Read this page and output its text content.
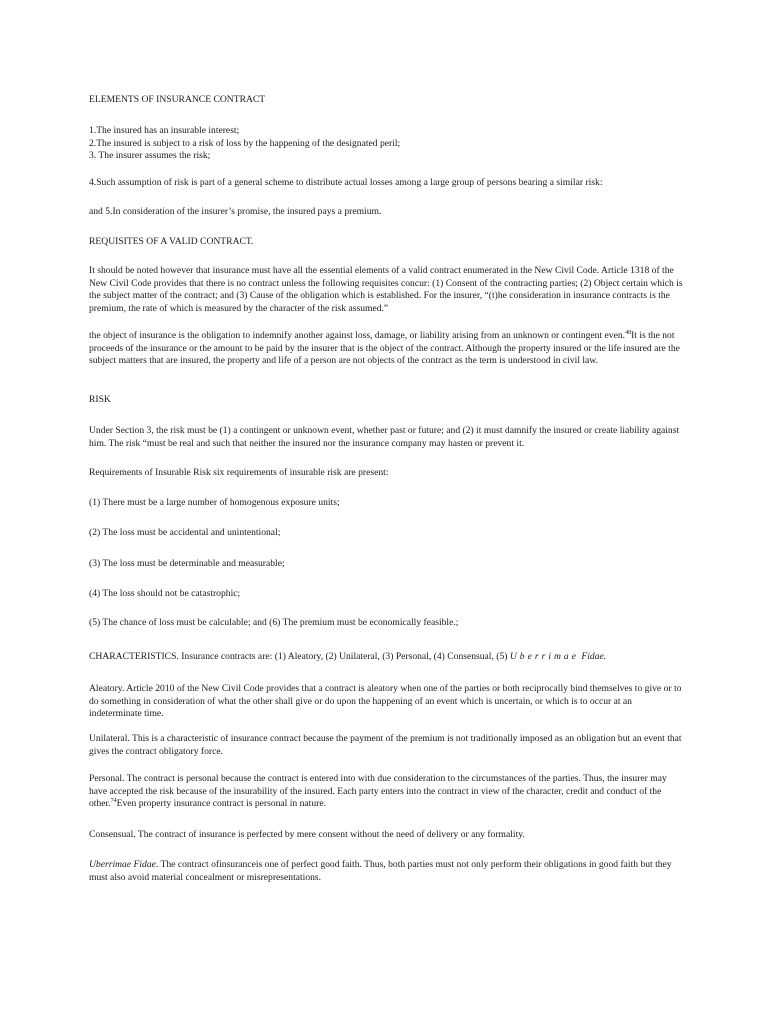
ELEMENTS OF INSURANCE CONTRACT

1.The insured has an insurable interest;

2.The insured is subject to a risk of loss by the happening of the designated peril;

3. The insurer assumes the risk;

4.Such assumption of risk is part of a general scheme to distribute actual losses among a large group of persons bearing a similar risk:

and 5.In consideration of the insurer’s promise, the insured pays a premium.

REQUISITES OF A VALID CONTRACT.

It should be noted however that insurance must have all the essential elements of a valid contract enumerated in the New Civil Code. Article 1318 of the New Civil Code provides that there is no contract unless the following requisites concur: (1) Consent of the contracting parties; (2) Object certain which is the subject matter of the contract; and (3) Cause of the obligation which is established. For the insurer, “(t)he consideration in insurance contracts is the premium, the rate of which is measured by the character of the risk assumed.”

the object of insurance is the obligation to indemnify another against loss, damage, or liability arising from an unknown or contingent even.$^{48}$It is the not proceeds of the insurance or the amount to be paid by the insurer that is the object of the contract. Although the property insured or the life insured are the subject matters that are insured, the property and life of a person are not objects of the contract as the term is understood in civil law.

RISK

Under Section 3, the risk must be (1) a contingent or unknown event, whether past or future; and (2) it must damnify the insured or create liability against him. The risk “must be real and such that neither the insured nor the insurance company may hasten or prevent it.

Requirements of Insurable Risk six requirements of insurable risk are present:

(1) There must be a large number of homogenous exposure units;

(2) The loss must be accidental and unintentional;

(3) The loss must be determinable and measurable;

(4) The loss should not be catastrophic;

(5) The chance of loss must be calculable; and (6) The premium must be economically feasible.;

CHARACTERISTICS. Insurance contracts are: (1) Aleatory, (2) Unilateral, (3) Personal, (4) Consensual, (5) Uberrimae Fidae.

Aleatory. Article 2010 of the New Civil Code provides that a contract is aleatory when one of the parties or both reciprocally bind themselves to give or to do something in consideration of what the other shall give or do upon the happening of an event which is uncertain, or which is to occur at an indeterminate time.

Unilateral. This is a characteristic of insurance contract because the payment of the premium is not traditionally imposed as an obligation but an event that gives the contract obligatory force.

Personal. The contract is personal because the contract is entered into with due consideration to the circumstances of the parties. Thus, the insurer may have accepted the risk because of the insurability of the insured. Each party enters into the contract in view of the character, credit and conduct of the other.$^{74}$Even property insurance contract is personal in nature.

Consensual. The contract of insurance is perfected by mere consent without the need of delivery or any formality.

Uberrimae Fidae. The contract ofinsuranceis one of perfect good faith. Thus, both parties must not only perform their obligations in good faith but they must also avoid material concealment or misrepresentations.
